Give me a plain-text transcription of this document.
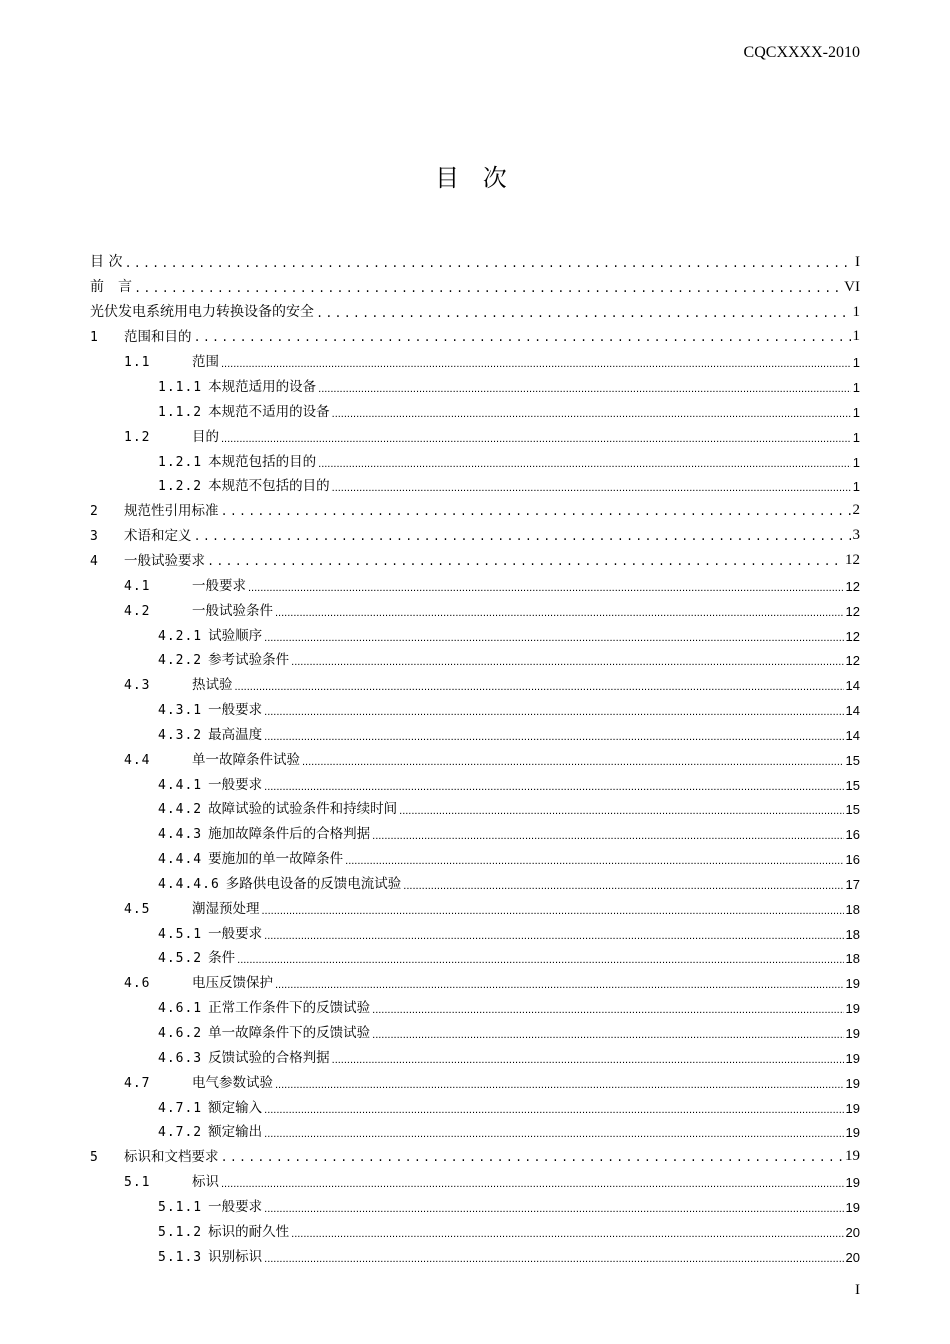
CQCXXXX-2010
目 次
目 次 .....	I
前　言 .....	VI
光伏发电系统用电力转换设备的安全 .....	1
1	范围和目的 .....	1
1.1	范围 .....	1
1.1.1 本规范适用的设备 .....	1
1.1.2 本规范不适用的设备 .....	1
1.2	目的 .....	1
1.2.1 本规范包括的目的 .....	1
1.2.2 本规范不包括的目的 .....	1
2	规范性引用标准 .....	2
3	术语和定义 .....	3
4	一般试验要求 .....	12
4.1	一般要求 .....	12
4.2	一般试验条件 .....	12
4.2.1 试验顺序 .....	12
4.2.2 参考试验条件 .....	12
4.3	热试验 .....	14
4.3.1 一般要求 .....	14
4.3.2 最高温度 .....	14
4.4	单一故障条件试验 .....	15
4.4.1 一般要求 .....	15
4.4.2 故障试验的试验条件和持续时间 .....	15
4.4.3 施加故障条件后的合格判据 .....	16
4.4.4 要施加的单一故障条件 .....	16
4.4.4.6 多路供电设备的反馈电流试验 .....	17
4.5	潮湿预处理 .....	18
4.5.1 一般要求 .....	18
4.5.2 条件 .....	18
4.6	电压反馈保护 .....	19
4.6.1 正常工作条件下的反馈试验 .....	19
4.6.2 单一故障条件下的反馈试验 .....	19
4.6.3 反馈试验的合格判据 .....	19
4.7	电气参数试验 .....	19
4.7.1 额定输入 .....	19
4.7.2 额定输出 .....	19
5	标识和文档要求 .....	19
5.1	标识 .....	19
5.1.1 一般要求 .....	19
5.1.2 标识的耐久性 .....	20
5.1.3 识别标识 .....	20
I
